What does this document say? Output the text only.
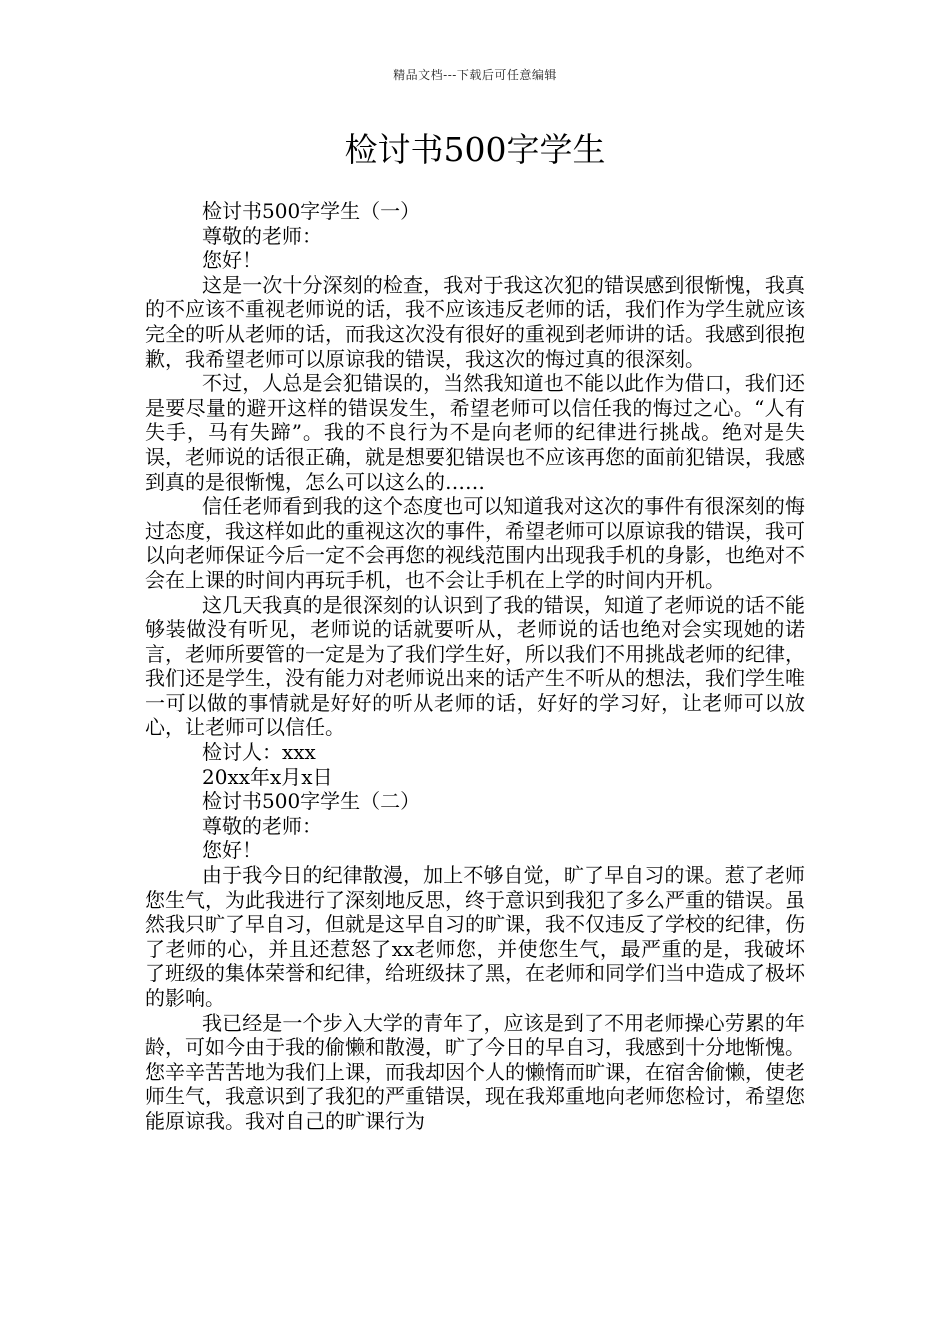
精品文档---下载后可任意编辑
检讨书500字学生

检讨书500字学生（一）

尊敬的老师：

您好！

这是一次十分深刻的检查，我对于我这次犯的错误感到很惭愧，我真的不应该不重视老师说的话，我不应该违反老师的话，我们作为学生就应该完全的听从老师的话，而我这次没有很好的重视到老师讲的话。我感到很抱歉，我希望老师可以原谅我的错误，我这次的悔过真的很深刻。

不过，人总是会犯错误的，当然我知道也不能以此作为借口，我们还是要尽量的避开这样的错误发生，希望老师可以信任我的悔过之心。“人有失手，马有失蹄”。我的不良行为不是向老师的纪律进行挑战。绝对是失误，老师说的话很正确，就是想要犯错误也不应该再您的面前犯错误，我感到真的是很惭愧，怎么可以这么的……

信任老师看到我的这个态度也可以知道我对这次的事件有很深刻的悔过态度，我这样如此的重视这次的事件，希望老师可以原谅我的错误，我可以向老师保证今后一定不会再您的视线范围内出现我手机的身影，也绝对不会在上课的时间内再玩手机，也不会让手机在上学的时间内开机。

这几天我真的是很深刻的认识到了我的错误，知道了老师说的话不能够装做没有听见，老师说的话就要听从，老师说的话也绝对会实现她的诺言，老师所要管的一定是为了我们学生好，所以我们不用挑战老师的纪律，我们还是学生，没有能力对老师说出来的话产生不听从的想法，我们学生唯一可以做的事情就是好好的听从老师的话，好好的学习好，让老师可以放心，让老师可以信任。

检讨人：xxx

20xx年x月x日

检讨书500字学生（二）

尊敬的老师：

您好！

由于我今日的纪律散漫，加上不够自觉，旷了早自习的课。惹了老师您生气，为此我进行了深刻地反思，终于意识到我犯了多么严重的错误。虽然我只旷了早自习，但就是这早自习的旷课，我不仅违反了学校的纪律，伤了老师的心，并且还惹怒了xx老师您，并使您生气，最严重的是，我破坏了班级的集体荣誉和纪律，给班级抹了黑，在老师和同学们当中造成了极坏的影响。

我已经是一个步入大学的青年了，应该是到了不用老师操心劳累的年龄，可如今由于我的偷懒和散漫，旷了今日的早自习，我感到十分地惭愧。您辛辛苦苦地为我们上课，而我却因个人的懒惰而旷课，在宿舍偷懒，使老师生气，我意识到了我犯的严重错误，现在我郑重地向老师您检讨，希望您能原谅我。我对自己的旷课行为
